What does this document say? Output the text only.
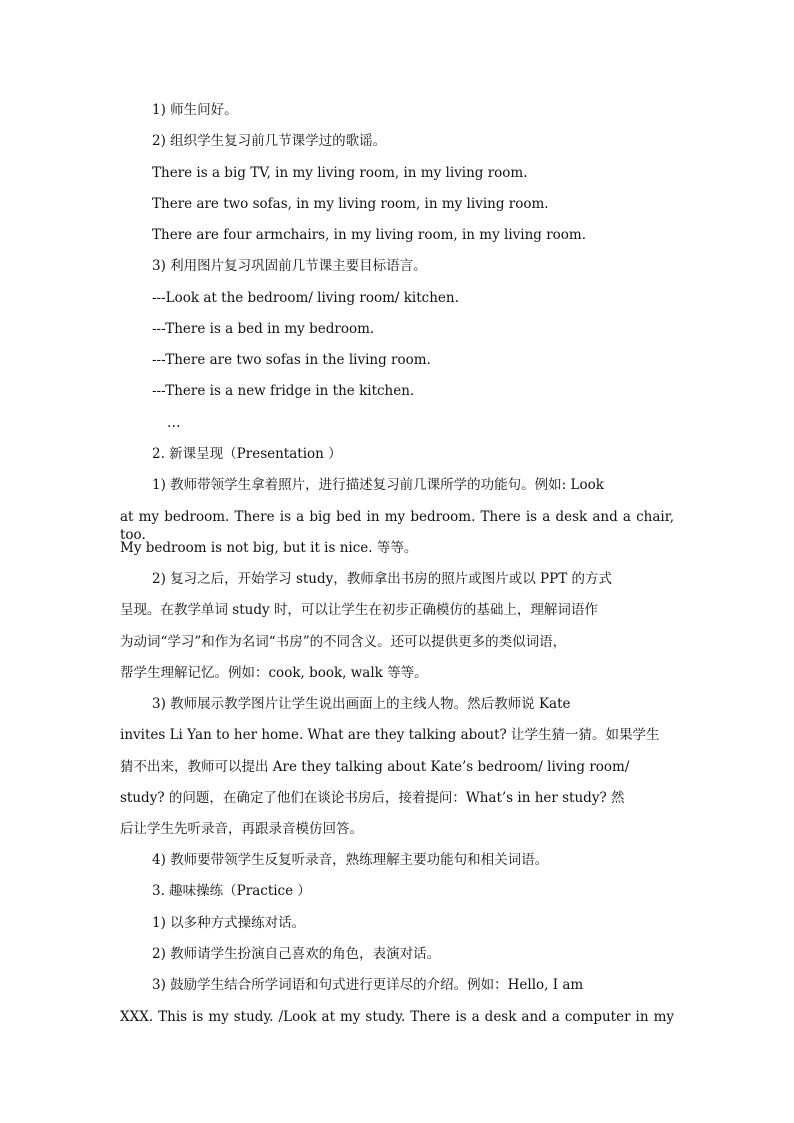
1) 师生问好。
2) 组织学生复习前几节课学过的歌谣。
There is a big TV, in my living room, in my living room.
There are two sofas, in my living room, in my living room.
There are four armchairs, in my living room, in my living room.
3) 利用图片复习巩固前几节课主要目标语言。
---Look at the bedroom/ living room/ kitchen.
---There is a bed in my bedroom.
---There are two sofas in the living room.
---There is a new fridge in the kitchen.
…
2. 新课呈现（Presentation ）
1) 教师带领学生拿着照片，进行描述复习前几课所学的功能句。例如: Look
at my bedroom. There is a big bed in my bedroom. There is a desk and a chair, too.
My bedroom is not big, but it is nice. 等等。
2) 复习之后，开始学习 study，教师拿出书房的照片或图片或以 PPT 的方式
呈现。在教学单词 study 时，可以让学生在初步正确模仿的基础上，理解词语作
为动词“学习”和作为名词“书房”的不同含义。还可以提供更多的类似词语，
帮学生理解记忆。例如：cook, book, walk 等等。
3) 教师展示教学图片让学生说出画面上的主线人物。然后教师说 Kate
invites Li Yan to her home. What are they talking about? 让学生猜一猜。如果学生
猜不出来，教师可以提出 Are they talking about Kate’s bedroom/ living room/
study? 的问题，在确定了他们在谈论书房后，接着提问：What’s in her study? 然
后让学生先听录音，再跟录音模仿回答。
4) 教师要带领学生反复听录音，熟练理解主要功能句和相关词语。
3. 趣味操练（Practice ）
1) 以多种方式操练对话。
2) 教师请学生扮演自己喜欢的角色，表演对话。
3) 鼓励学生结合所学词语和句式进行更详尽的介绍。例如：Hello, I am
XXX. This is my study. /Look at my study. There is a desk and a computer in my
